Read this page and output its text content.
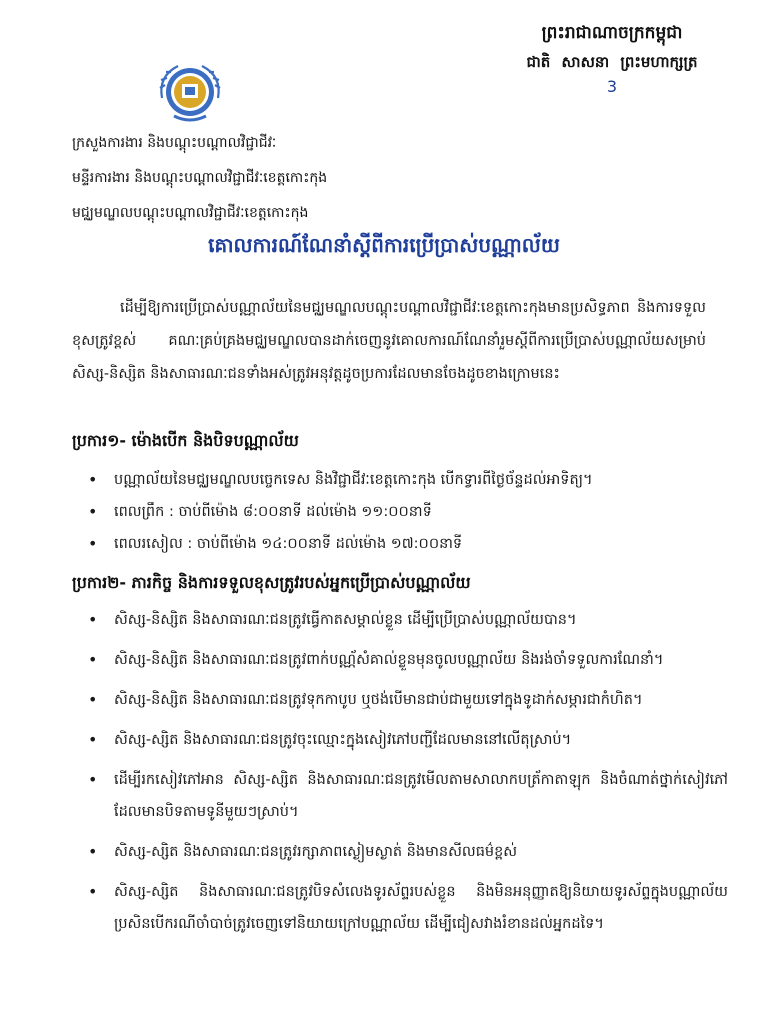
ព្រះរាជាណាចក្រកម្ពុជា
ជាតិ សាសនា ព្រះមហាក្សត្រ
3
ក្រសួងការងារ និងបណ្តុះបណ្តាលវិជ្ជាជីវៈ
មន្ទីរការងារ និងបណ្តុះបណ្តាលវិជ្ជាជីវៈខេត្តកោះកុង
មជ្ឈមណ្ឌលបណ្តុះបណ្តាលវិជ្ជាជីវៈខេត្តកោះកុង
គោលការណ៍ណែនាំស្តីពីការប្រើប្រាស់បណ្ណាល័យ

ដើម្បីឱ្យការប្រើប្រាស់បណ្ណាល័យនៃមជ្ឈមណ្ឌលបណ្តុះបណ្តាលវិជ្ជាជីវៈខេត្តកោះកុងមានប្រសិទ្ធភាព និងការទទួលខុសត្រូវខ្ពស់ គណៈគ្រប់គ្រងមជ្ឈមណ្ឌលបានដាក់ចេញនូវគោលការណ៍ណែនាំរួមស្តីពីការប្រើប្រាស់បណ្ណាល័យសម្រាប់សិស្ស-និស្សិត និងសាធារណៈជនទាំងអស់ត្រូវអនុវត្តដូចប្រការដែលមានចែងដូចខាងក្រោមនេះ

ប្រការ១- ម៉ោងបើក និងបិទបណ្ណាល័យ
• បណ្ណាល័យនៃមជ្ឈមណ្ឌលបច្ចេកទេស និងវិជ្ជាជីវៈខេត្តកោះកុង បើកទ្វារពីថ្ងៃច័ន្ទដល់អាទិត្យ។
• ពេលព្រឹក : ចាប់ពីម៉ោង ៨:០០នាទី ដល់ម៉ោង ១១:០០នាទី
• ពេលរសៀល : ចាប់ពីម៉ោង ១៤:០០នាទី ដល់ម៉ោង ១៧:០០នាទី
ប្រការ២- ភារកិច្ច និងការទទួលខុសត្រូវរបស់អ្នកប្រើប្រាស់បណ្ណាល័យ
• សិស្ស-និស្សិត និងសាធារណៈជនត្រូវធ្វើកាតសម្គាល់ខ្លួន ដើម្បីប្រើប្រាស់បណ្ណាល័យបាន។
• សិស្ស-និស្សិត និងសាធារណៈជនត្រូវពាក់បណ្ណ័សំគាល់ខ្លួនមុនចូលបណ្ណាល័យ និងរង់ចាំទទួលការណែនាំ។
• សិស្ស-និស្សិត និងសាធារណៈជនត្រូវទុកកាបូប ឬថង់បើមានជាប់ជាមួយទៅក្នុងទូដាក់សម្ភារជាកំហិត។
• សិស្ស-ស្សិត និងសាធារណៈជនត្រូវចុះឈ្មោះក្នុងសៀវភៅបញ្ជីដែលមាននៅលើតុស្រាប់។
• ដើម្បីរកសៀវភៅអាន សិស្ស-ស្សិត និងសាធារណៈជនត្រូវមើលតាមសាលាកបត្រ័កាតាឡុក និងចំណាត់ថ្នាក់សៀវភៅដែលមានបិទតាមទូនីមួយៗស្រាប់។
• សិស្ស-ស្សិត និងសាធារណៈជនត្រូវរក្សាភាពស្ងៀមស្ងាត់ និងមានសីលធម៌ខ្ពស់
• សិស្ស-ស្សិត និងសាធារណៈជនត្រូវបិទសំលេងទូរស័ព្ទរបស់ខ្លួន និងមិនអនុញ្ញាតឱ្យនិយាយទូរស័ព្ទក្នុងបណ្ណាល័យ ប្រសិនបើករណីចាំបាច់ត្រូវចេញទៅនិយាយក្រៅបណ្ណាល័យ ដើម្បីជៀសវាងរំខានដល់អ្នកដទៃ។
